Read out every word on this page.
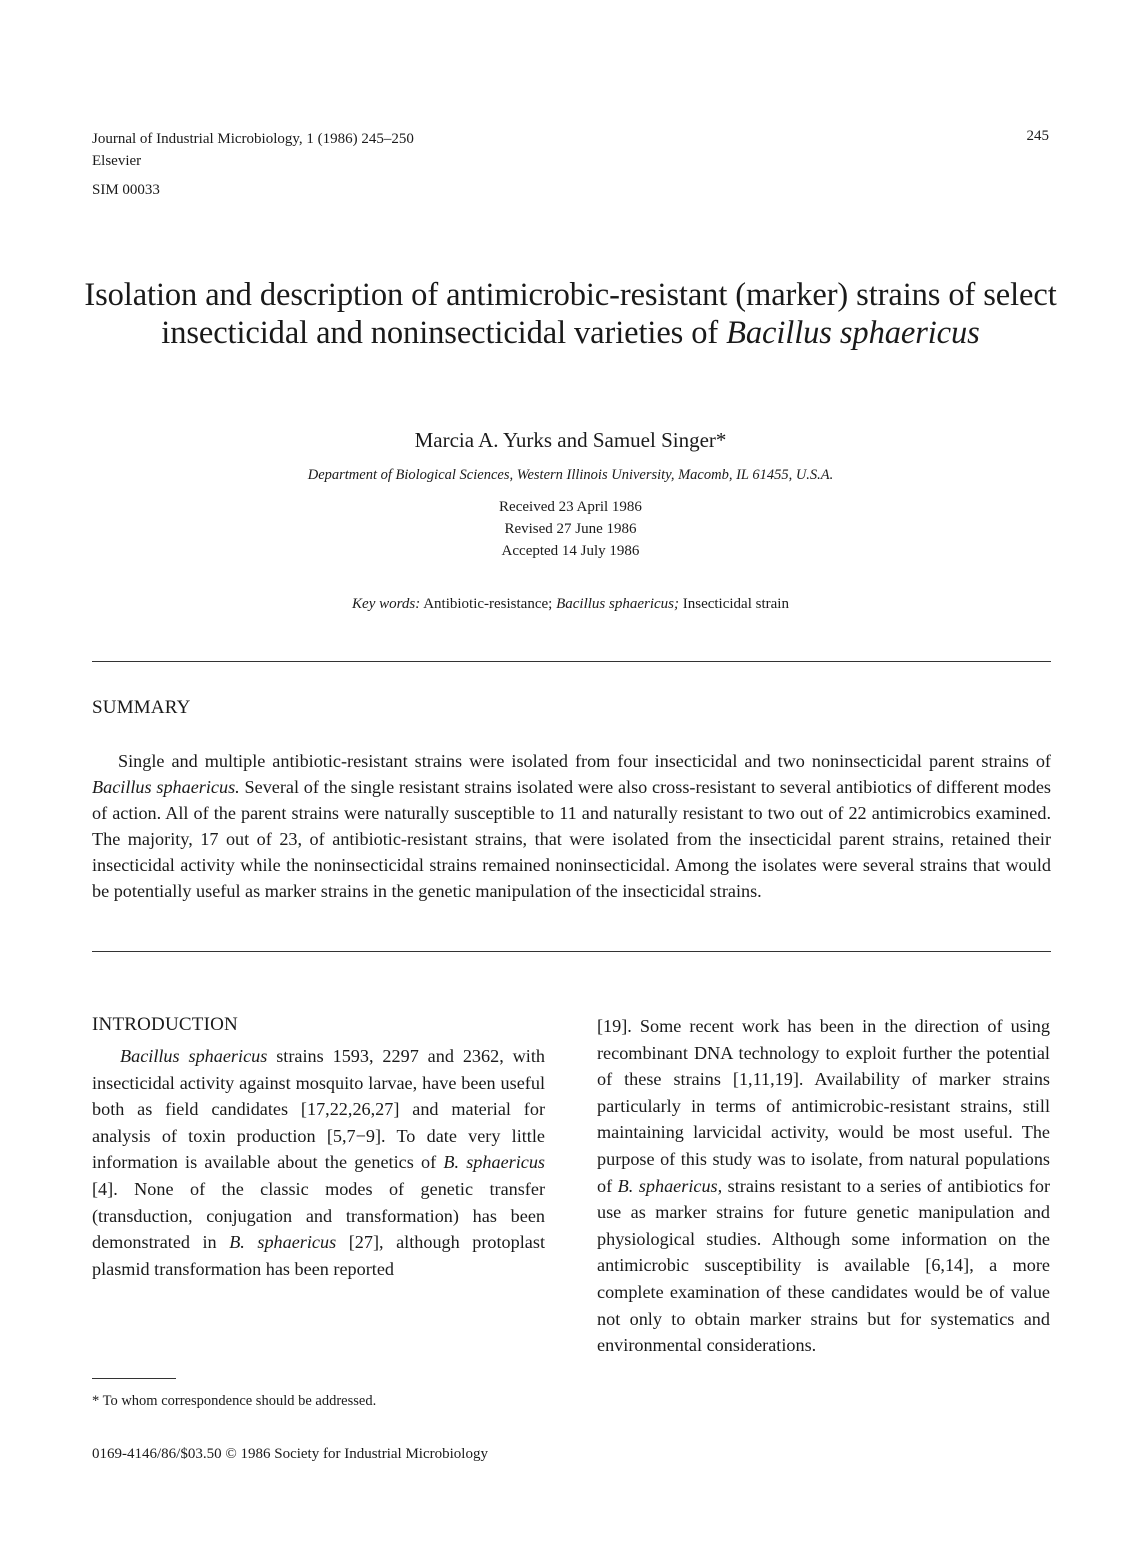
Journal of Industrial Microbiology, 1 (1986) 245–250
Elsevier
245
SIM 00033
Isolation and description of antimicrobic-resistant (marker) strains of select insecticidal and noninsecticidal varieties of Bacillus sphaericus
Marcia A. Yurks and Samuel Singer*
Department of Biological Sciences, Western Illinois University, Macomb, IL 61455, U.S.A.
Received 23 April 1986
Revised 27 June 1986
Accepted 14 July 1986
Key words: Antibiotic-resistance; Bacillus sphaericus; Insecticidal strain
SUMMARY
Single and multiple antibiotic-resistant strains were isolated from four insecticidal and two noninsecticidal parent strains of Bacillus sphaericus. Several of the single resistant strains isolated were also cross-resistant to several antibiotics of different modes of action. All of the parent strains were naturally susceptible to 11 and naturally resistant to two out of 22 antimicrobics examined. The majority, 17 out of 23, of antibiotic-resistant strains, that were isolated from the insecticidal parent strains, retained their insecticidal activity while the noninsecticidal strains remained noninsecticidal. Among the isolates were several strains that would be potentially useful as marker strains in the genetic manipulation of the insecticidal strains.
INTRODUCTION
Bacillus sphaericus strains 1593, 2297 and 2362, with insecticidal activity against mosquito larvae, have been useful both as field candidates [17,22,26,27] and material for analysis of toxin production [5,7−9]. To date very little information is available about the genetics of B. sphaericus [4]. None of the classic modes of genetic transfer (transduction, conjugation and transformation) has been demonstrated in B. sphaericus [27], although protoplast plasmid transformation has been reported
[19]. Some recent work has been in the direction of using recombinant DNA technology to exploit further the potential of these strains [1,11,19]. Availability of marker strains particularly in terms of antimicrobic-resistant strains, still maintaining larvicidal activity, would be most useful. The purpose of this study was to isolate, from natural populations of B. sphaericus, strains resistant to a series of antibiotics for use as marker strains for future genetic manipulation and physiological studies. Although some information on the antimicrobic susceptibility is available [6,14], a more complete examination of these candidates would be of value not only to obtain marker strains but for systematics and environmental considerations.
* To whom correspondence should be addressed.
0169-4146/86/$03.50 © 1986 Society for Industrial Microbiology
